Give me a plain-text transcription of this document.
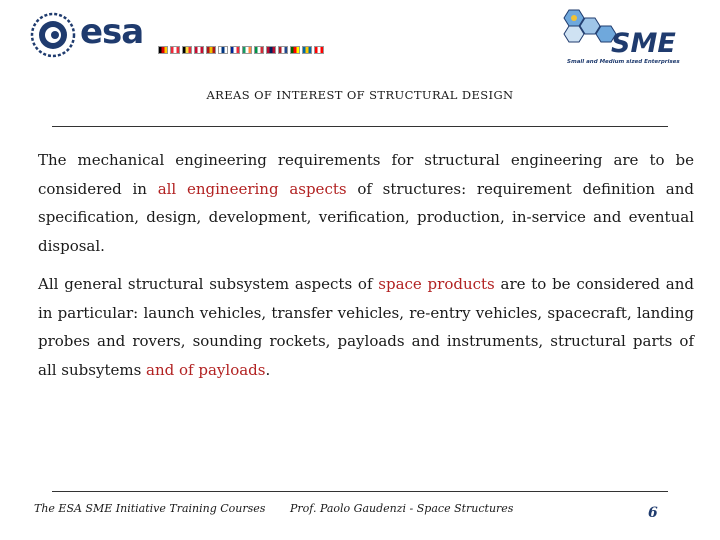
esa	SME
Small and Medium sized Enterprises
AREAS OF INTEREST OF STRUCTURAL DESIGN

The mechanical engineering requirements for structural engineering are to be considered in all engineering aspects of structures: requirement definition and specification, design, development, verification, production, in-service and eventual disposal.

All general structural subsystem aspects of space products are to be considered and in particular: launch vehicles, transfer vehicles, re-entry vehicles, spacecraft, landing probes and rovers, sounding rockets, payloads and instruments, structural parts of all subsytems and of payloads.

The ESA SME Initiative Training Courses Prof. Paolo Gaudenzi - Space Structures	6
